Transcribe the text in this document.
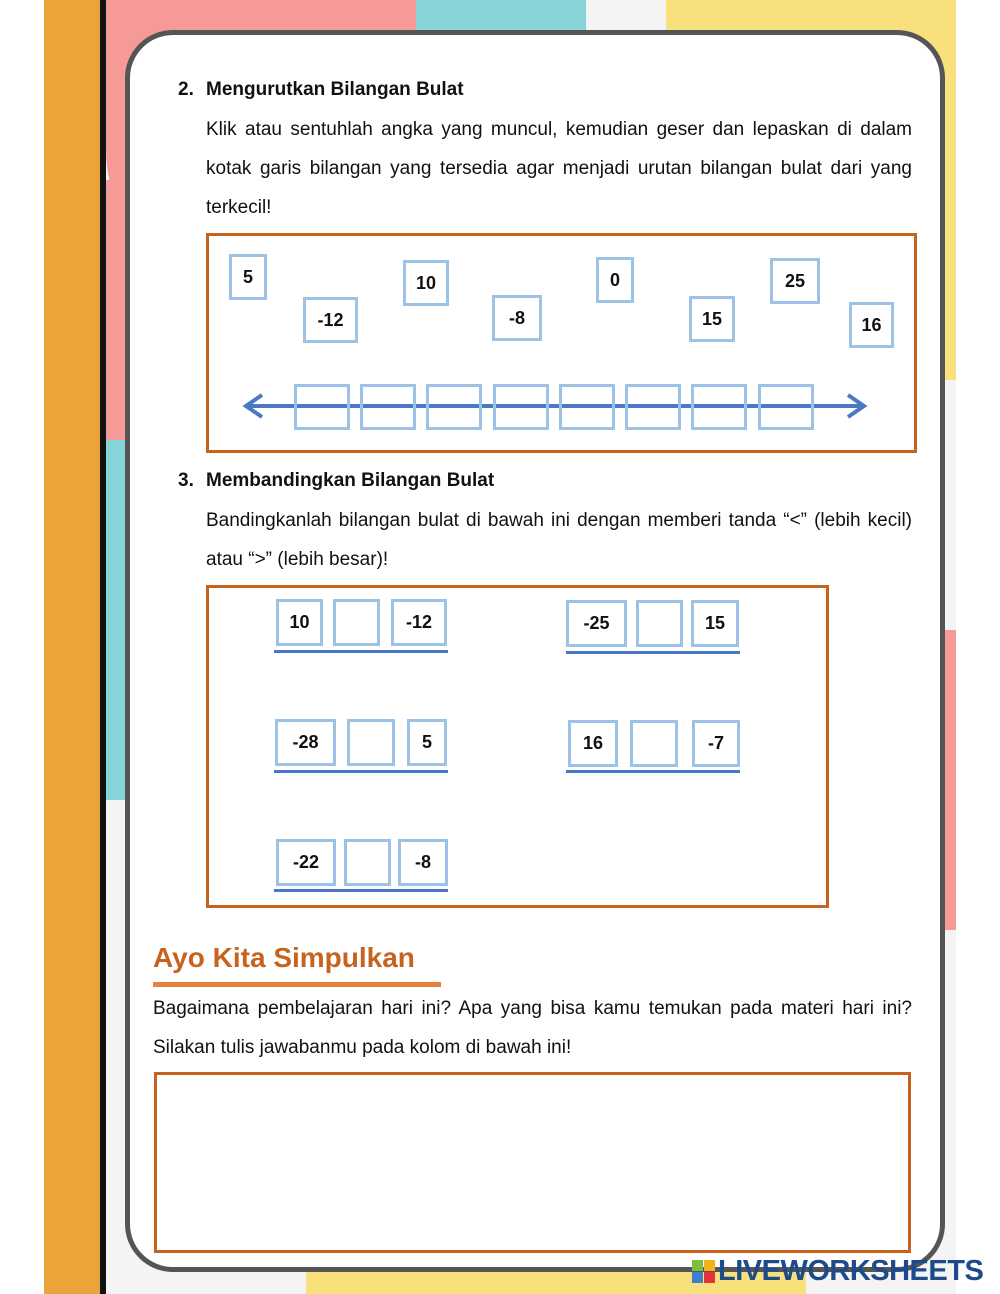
2. Mengurutkan Bilangan Bulat
Klik atau sentuhlah angka yang muncul, kemudian geser dan lepaskan di dalam kotak garis bilangan yang tersedia agar menjadi urutan bilangan bulat dari yang terkecil!
5
-12
10
-8
0
15
25
16
3. Membandingkan Bilangan Bulat
Bandingkanlah bilangan bulat di bawah ini dengan memberi tanda “<” (lebih kecil) atau “>” (lebih besar)!
10	-12	-25	15
-28	5	16	-7
-22	-8
Ayo Kita Simpulkan
Bagaimana pembelajaran hari ini? Apa yang bisa kamu temukan pada materi hari ini? Silakan tulis jawabanmu pada kolom di bawah ini!
LIVEWORKSHEETS
